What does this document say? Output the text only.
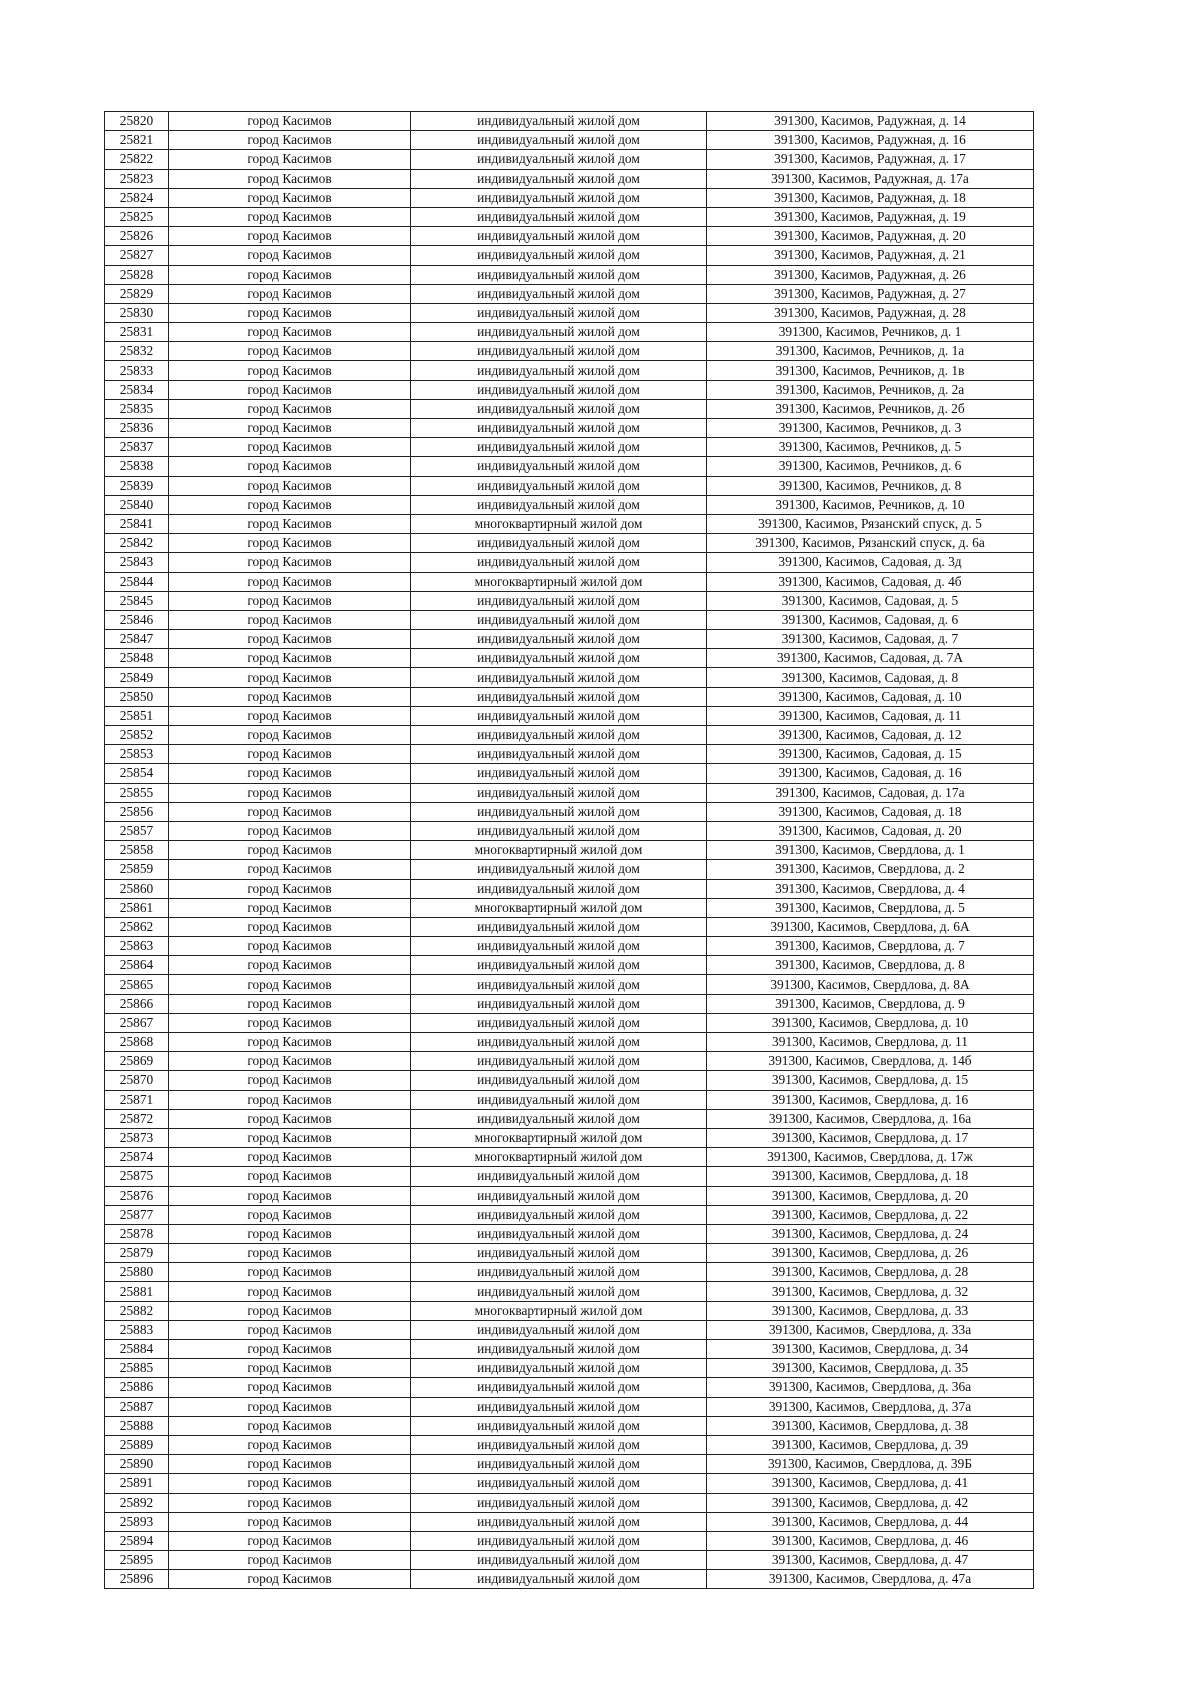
25820	город Касимов	индивидуальный жилой дом	391300, Касимов, Радужная, д. 14
25821	город Касимов	индивидуальный жилой дом	391300, Касимов, Радужная, д. 16
25822	город Касимов	индивидуальный жилой дом	391300, Касимов, Радужная, д. 17
25823	город Касимов	индивидуальный жилой дом	391300, Касимов, Радужная, д. 17а
25824	город Касимов	индивидуальный жилой дом	391300, Касимов, Радужная, д. 18
25825	город Касимов	индивидуальный жилой дом	391300, Касимов, Радужная, д. 19
25826	город Касимов	индивидуальный жилой дом	391300, Касимов, Радужная, д. 20
25827	город Касимов	индивидуальный жилой дом	391300, Касимов, Радужная, д. 21
25828	город Касимов	индивидуальный жилой дом	391300, Касимов, Радужная, д. 26
25829	город Касимов	индивидуальный жилой дом	391300, Касимов, Радужная, д. 27
25830	город Касимов	индивидуальный жилой дом	391300, Касимов, Радужная, д. 28
25831	город Касимов	индивидуальный жилой дом	391300, Касимов, Речников, д. 1
25832	город Касимов	индивидуальный жилой дом	391300, Касимов, Речников, д. 1а
25833	город Касимов	индивидуальный жилой дом	391300, Касимов, Речников, д. 1в
25834	город Касимов	индивидуальный жилой дом	391300, Касимов, Речников, д. 2а
25835	город Касимов	индивидуальный жилой дом	391300, Касимов, Речников, д. 2б
25836	город Касимов	индивидуальный жилой дом	391300, Касимов, Речников, д. 3
25837	город Касимов	индивидуальный жилой дом	391300, Касимов, Речников, д. 5
25838	город Касимов	индивидуальный жилой дом	391300, Касимов, Речников, д. 6
25839	город Касимов	индивидуальный жилой дом	391300, Касимов, Речников, д. 8
25840	город Касимов	индивидуальный жилой дом	391300, Касимов, Речников, д. 10
25841	город Касимов	многоквартирный жилой дом	391300, Касимов, Рязанский спуск, д. 5
25842	город Касимов	индивидуальный жилой дом	391300, Касимов, Рязанский спуск, д. 6а
25843	город Касимов	индивидуальный жилой дом	391300, Касимов, Садовая, д. 3д
25844	город Касимов	многоквартирный жилой дом	391300, Касимов, Садовая, д. 4б
25845	город Касимов	индивидуальный жилой дом	391300, Касимов, Садовая, д. 5
25846	город Касимов	индивидуальный жилой дом	391300, Касимов, Садовая, д. 6
25847	город Касимов	индивидуальный жилой дом	391300, Касимов, Садовая, д. 7
25848	город Касимов	индивидуальный жилой дом	391300, Касимов, Садовая, д. 7А
25849	город Касимов	индивидуальный жилой дом	391300, Касимов, Садовая, д. 8
25850	город Касимов	индивидуальный жилой дом	391300, Касимов, Садовая, д. 10
25851	город Касимов	индивидуальный жилой дом	391300, Касимов, Садовая, д. 11
25852	город Касимов	индивидуальный жилой дом	391300, Касимов, Садовая, д. 12
25853	город Касимов	индивидуальный жилой дом	391300, Касимов, Садовая, д. 15
25854	город Касимов	индивидуальный жилой дом	391300, Касимов, Садовая, д. 16
25855	город Касимов	индивидуальный жилой дом	391300, Касимов, Садовая, д. 17а
25856	город Касимов	индивидуальный жилой дом	391300, Касимов, Садовая, д. 18
25857	город Касимов	индивидуальный жилой дом	391300, Касимов, Садовая, д. 20
25858	город Касимов	многоквартирный жилой дом	391300, Касимов, Свердлова, д. 1
25859	город Касимов	индивидуальный жилой дом	391300, Касимов, Свердлова, д. 2
25860	город Касимов	индивидуальный жилой дом	391300, Касимов, Свердлова, д. 4
25861	город Касимов	многоквартирный жилой дом	391300, Касимов, Свердлова, д. 5
25862	город Касимов	индивидуальный жилой дом	391300, Касимов, Свердлова, д. 6А
25863	город Касимов	индивидуальный жилой дом	391300, Касимов, Свердлова, д. 7
25864	город Касимов	индивидуальный жилой дом	391300, Касимов, Свердлова, д. 8
25865	город Касимов	индивидуальный жилой дом	391300, Касимов, Свердлова, д. 8А
25866	город Касимов	индивидуальный жилой дом	391300, Касимов, Свердлова, д. 9
25867	город Касимов	индивидуальный жилой дом	391300, Касимов, Свердлова, д. 10
25868	город Касимов	индивидуальный жилой дом	391300, Касимов, Свердлова, д. 11
25869	город Касимов	индивидуальный жилой дом	391300, Касимов, Свердлова, д. 14б
25870	город Касимов	индивидуальный жилой дом	391300, Касимов, Свердлова, д. 15
25871	город Касимов	индивидуальный жилой дом	391300, Касимов, Свердлова, д. 16
25872	город Касимов	индивидуальный жилой дом	391300, Касимов, Свердлова, д. 16а
25873	город Касимов	многоквартирный жилой дом	391300, Касимов, Свердлова, д. 17
25874	город Касимов	многоквартирный жилой дом	391300, Касимов, Свердлова, д. 17ж
25875	город Касимов	индивидуальный жилой дом	391300, Касимов, Свердлова, д. 18
25876	город Касимов	индивидуальный жилой дом	391300, Касимов, Свердлова, д. 20
25877	город Касимов	индивидуальный жилой дом	391300, Касимов, Свердлова, д. 22
25878	город Касимов	индивидуальный жилой дом	391300, Касимов, Свердлова, д. 24
25879	город Касимов	индивидуальный жилой дом	391300, Касимов, Свердлова, д. 26
25880	город Касимов	индивидуальный жилой дом	391300, Касимов, Свердлова, д. 28
25881	город Касимов	индивидуальный жилой дом	391300, Касимов, Свердлова, д. 32
25882	город Касимов	многоквартирный жилой дом	391300, Касимов, Свердлова, д. 33
25883	город Касимов	индивидуальный жилой дом	391300, Касимов, Свердлова, д. 33а
25884	город Касимов	индивидуальный жилой дом	391300, Касимов, Свердлова, д. 34
25885	город Касимов	индивидуальный жилой дом	391300, Касимов, Свердлова, д. 35
25886	город Касимов	индивидуальный жилой дом	391300, Касимов, Свердлова, д. 36а
25887	город Касимов	индивидуальный жилой дом	391300, Касимов, Свердлова, д. 37а
25888	город Касимов	индивидуальный жилой дом	391300, Касимов, Свердлова, д. 38
25889	город Касимов	индивидуальный жилой дом	391300, Касимов, Свердлова, д. 39
25890	город Касимов	индивидуальный жилой дом	391300, Касимов, Свердлова, д. 39Б
25891	город Касимов	индивидуальный жилой дом	391300, Касимов, Свердлова, д. 41
25892	город Касимов	индивидуальный жилой дом	391300, Касимов, Свердлова, д. 42
25893	город Касимов	индивидуальный жилой дом	391300, Касимов, Свердлова, д. 44
25894	город Касимов	индивидуальный жилой дом	391300, Касимов, Свердлова, д. 46
25895	город Касимов	индивидуальный жилой дом	391300, Касимов, Свердлова, д. 47
25896	город Касимов	индивидуальный жилой дом	391300, Касимов, Свердлова, д. 47а
